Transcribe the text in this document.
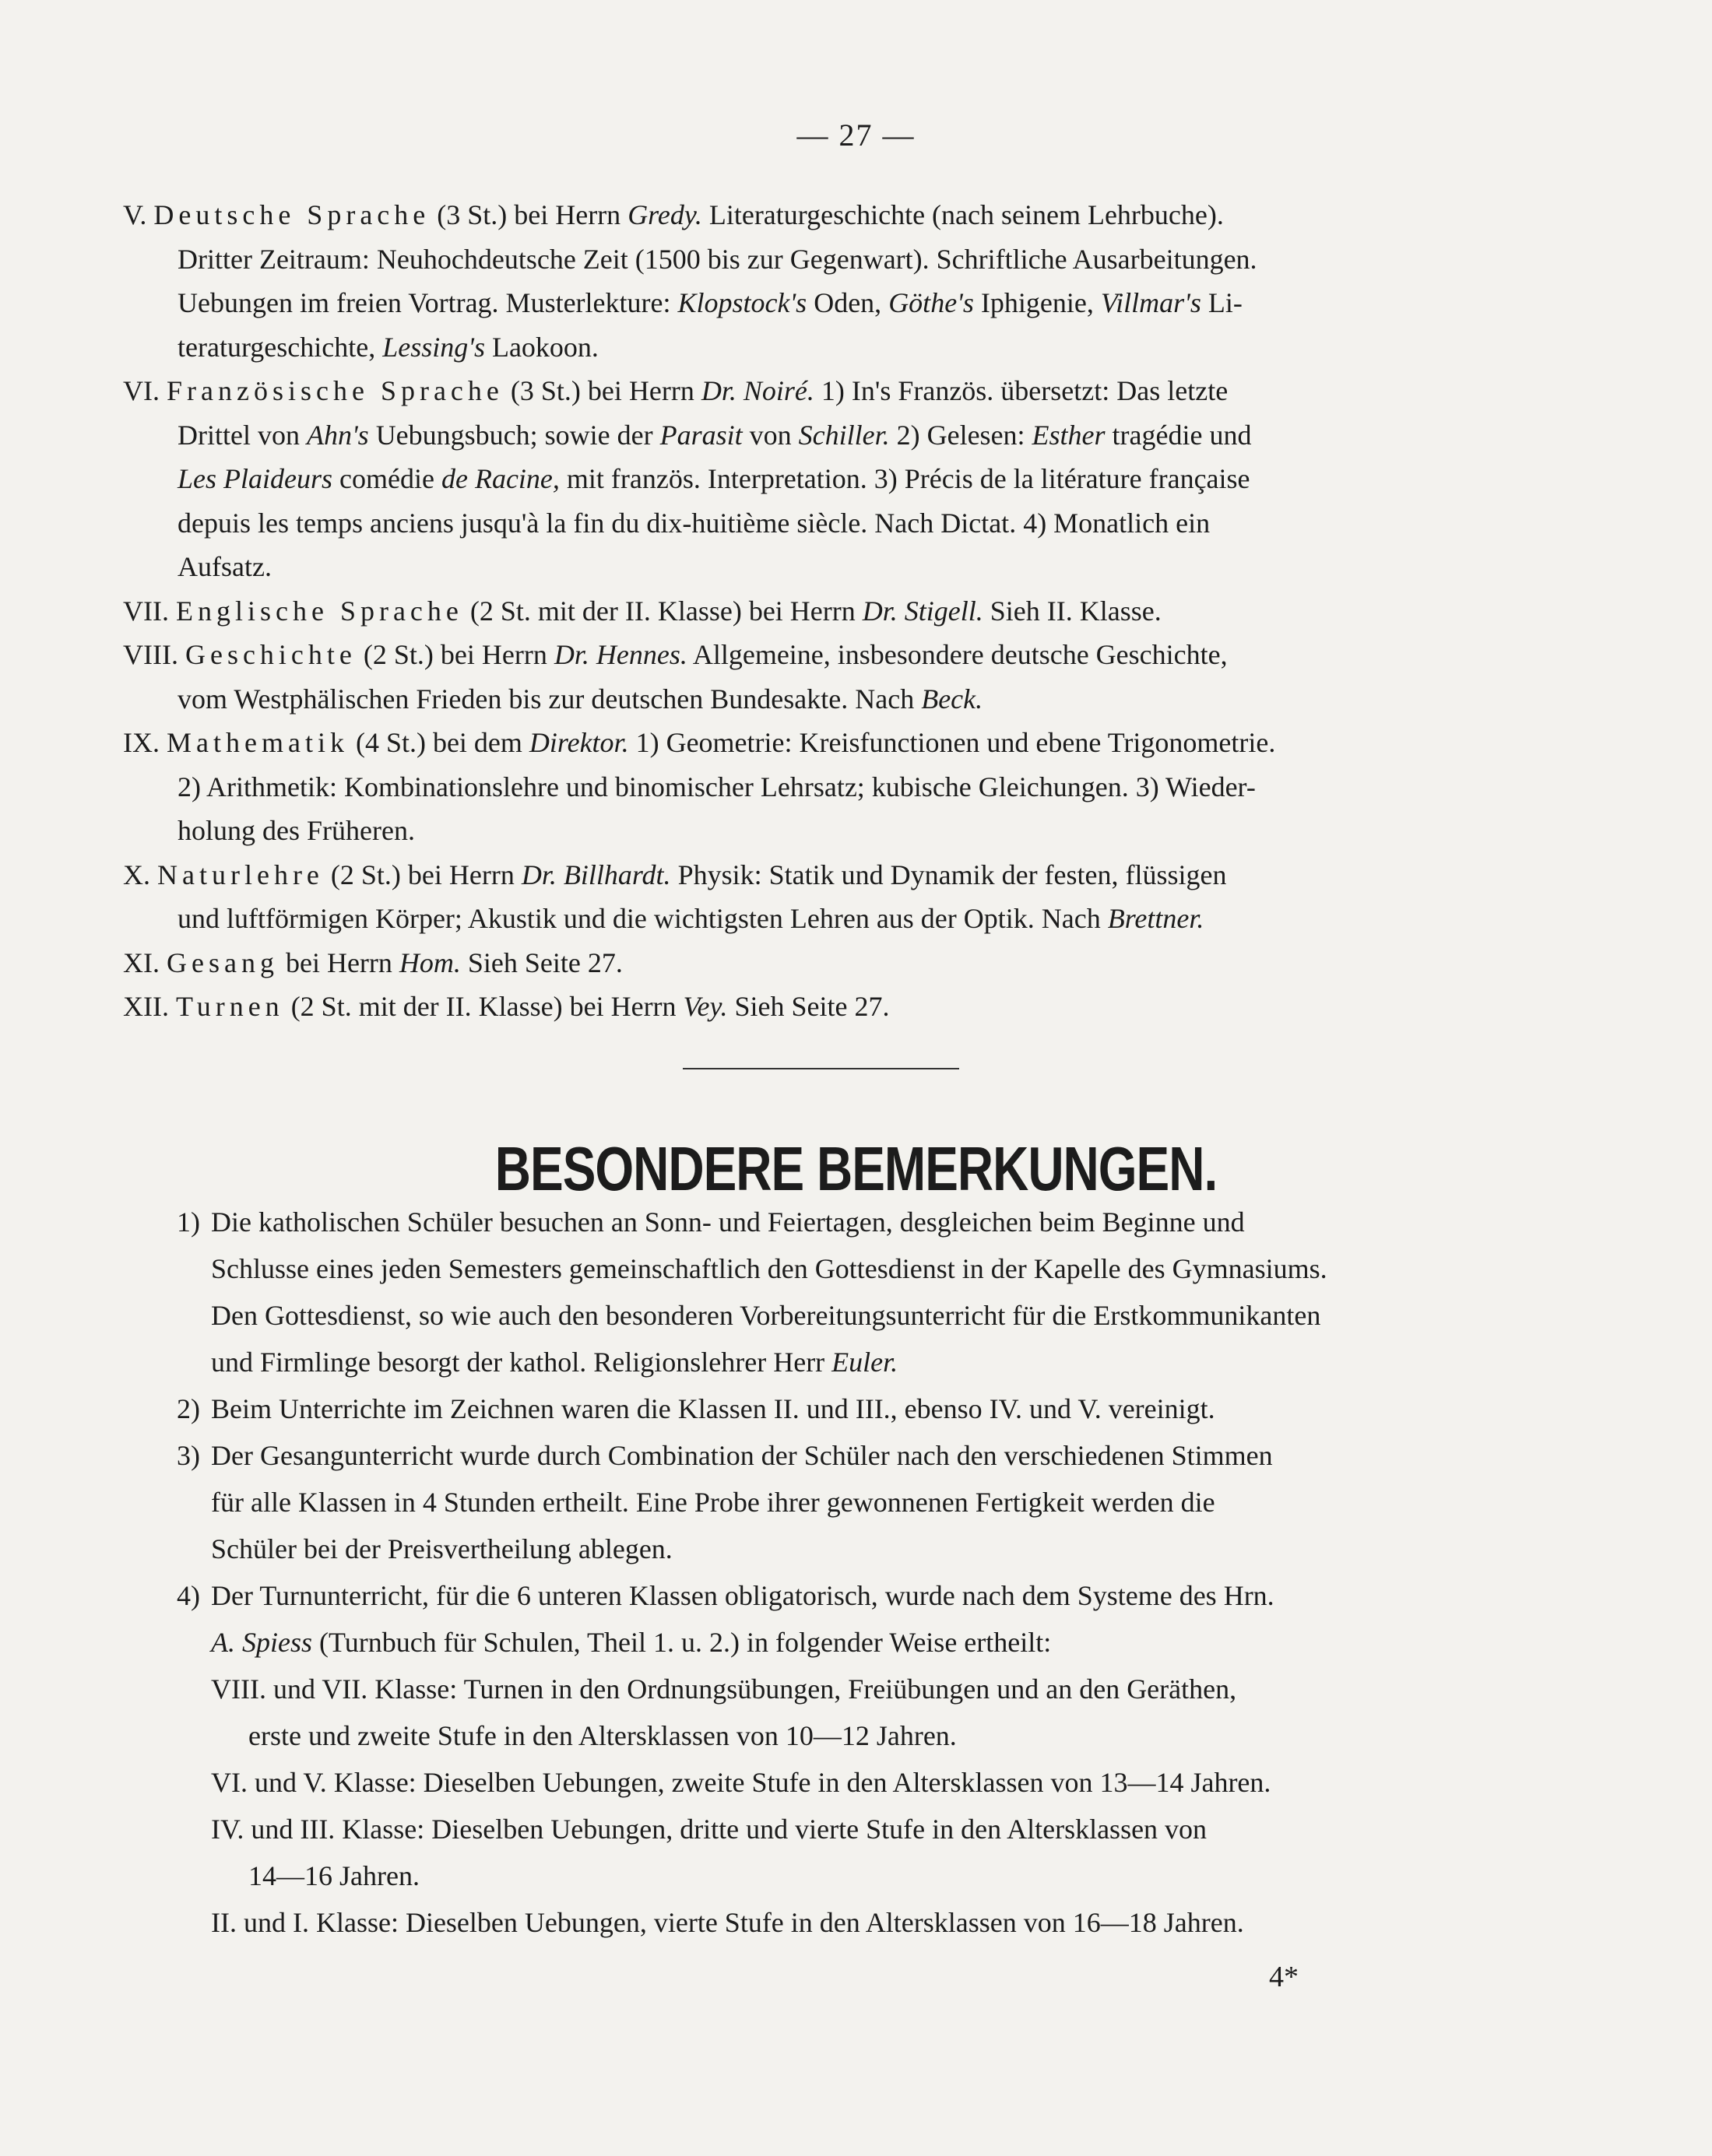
— 27 —
V. Deutsche Sprache (3 St.) bei Herrn Gredy. Literaturgeschichte (nach seinem Lehrbuche).
Dritter Zeitraum: Neuhochdeutsche Zeit (1500 bis zur Gegenwart). Schriftliche Ausarbeitungen.
Uebungen im freien Vortrag. Musterlekture: Klopstock's Oden, Göthe's Iphigenie, Villmar's Li-
teraturgeschichte, Lessing's Laokoon.
VI. Französische Sprache (3 St.) bei Herrn Dr. Noiré. 1) In's Französ. übersetzt: Das letzte
Drittel von Ahn's Uebungsbuch; sowie der Parasit von Schiller. 2) Gelesen: Esther tragédie und
Les Plaideurs comédie de Racine, mit französ. Interpretation. 3) Précis de la litérature française
depuis les temps anciens jusqu'à la fin du dix-huitième siècle. Nach Dictat. 4) Monatlich ein
Aufsatz.
VII. Englische Sprache (2 St. mit der II. Klasse) bei Herrn Dr. Stigell. Sieh II. Klasse.
VIII. Geschichte (2 St.) bei Herrn Dr. Hennes. Allgemeine, insbesondere deutsche Geschichte,
vom Westphälischen Frieden bis zur deutschen Bundesakte. Nach Beck.
IX. Mathematik (4 St.) bei dem Direktor. 1) Geometrie: Kreisfunctionen und ebene Trigonometrie.
2) Arithmetik: Kombinationslehre und binomischer Lehrsatz; kubische Gleichungen. 3) Wieder-
holung des Früheren.
X. Naturlehre (2 St.) bei Herrn Dr. Billhardt. Physik: Statik und Dynamik der festen, flüssigen
und luftförmigen Körper; Akustik und die wichtigsten Lehren aus der Optik. Nach Brettner.
XI. Gesang bei Herrn Hom. Sieh Seite 27.
XII. Turnen (2 St. mit der II. Klasse) bei Herrn Vey. Sieh Seite 27.
BESONDERE BEMERKUNGEN.
1) Die katholischen Schüler besuchen an Sonn- und Feiertagen, desgleichen beim Beginne und
Schlusse eines jeden Semesters gemeinschaftlich den Gottesdienst in der Kapelle des Gymnasiums.
Den Gottesdienst, so wie auch den besonderen Vorbereitungsunterricht für die Erstkommunikanten
und Firmlinge besorgt der kathol. Religionslehrer Herr Euler.
2) Beim Unterrichte im Zeichnen waren die Klassen II. und III., ebenso IV. und V. vereinigt.
3) Der Gesangunterricht wurde durch Combination der Schüler nach den verschiedenen Stimmen
für alle Klassen in 4 Stunden ertheilt. Eine Probe ihrer gewonnenen Fertigkeit werden die
Schüler bei der Preisvertheilung ablegen.
4) Der Turnunterricht, für die 6 unteren Klassen obligatorisch, wurde nach dem Systeme des Hrn.
A. Spiess (Turnbuch für Schulen, Theil 1. u. 2.) in folgender Weise ertheilt:
VIII. und VII. Klasse: Turnen in den Ordnungsübungen, Freiübungen und an den Geräthen,
erste und zweite Stufe in den Altersklassen von 10—12 Jahren.
VI. und V. Klasse: Dieselben Uebungen, zweite Stufe in den Altersklassen von 13—14 Jahren.
IV. und III. Klasse: Dieselben Uebungen, dritte und vierte Stufe in den Altersklassen von
14—16 Jahren.
II. und I. Klasse: Dieselben Uebungen, vierte Stufe in den Altersklassen von 16—18 Jahren.
4*
